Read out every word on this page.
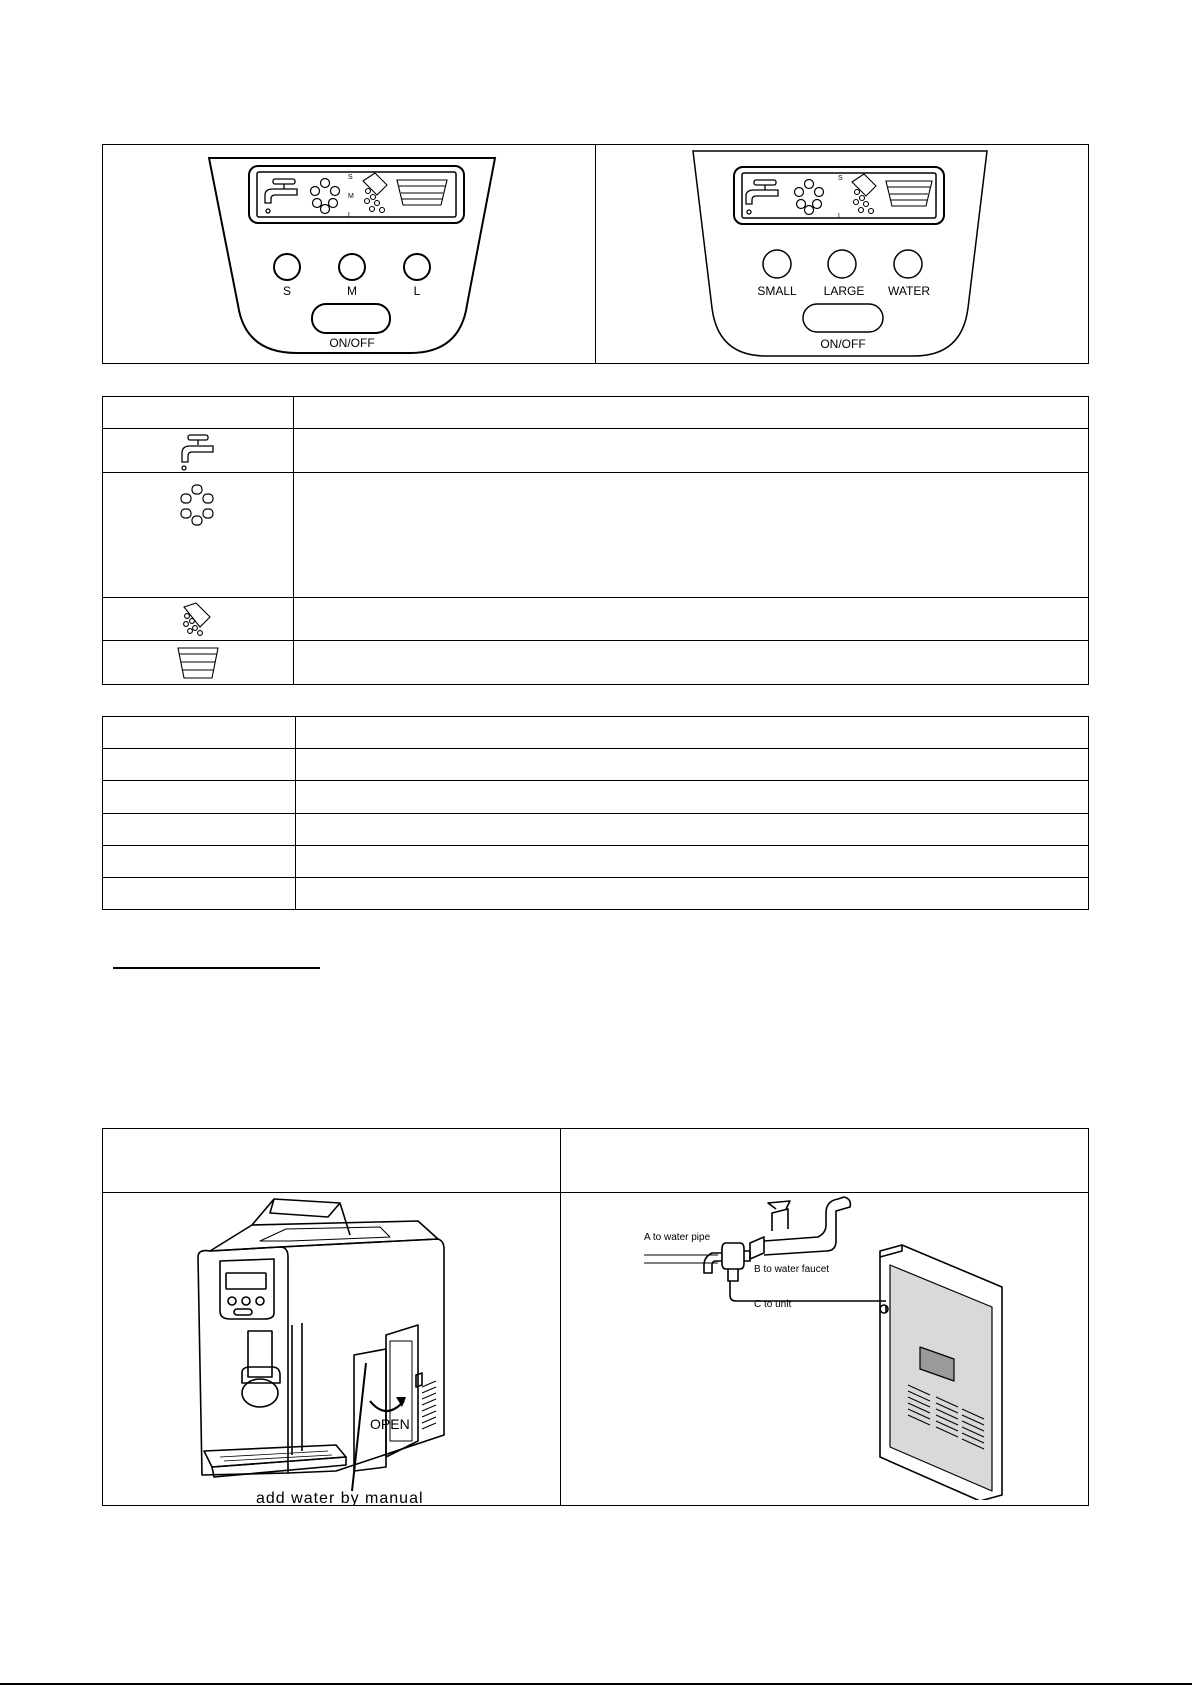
S
M
L
S	M	L
ON/OFF
S
L
SMALL LARGE WATER
ON/OFF
OPEN
add water by manual
A to water pipe
B to water faucet
C to unit
